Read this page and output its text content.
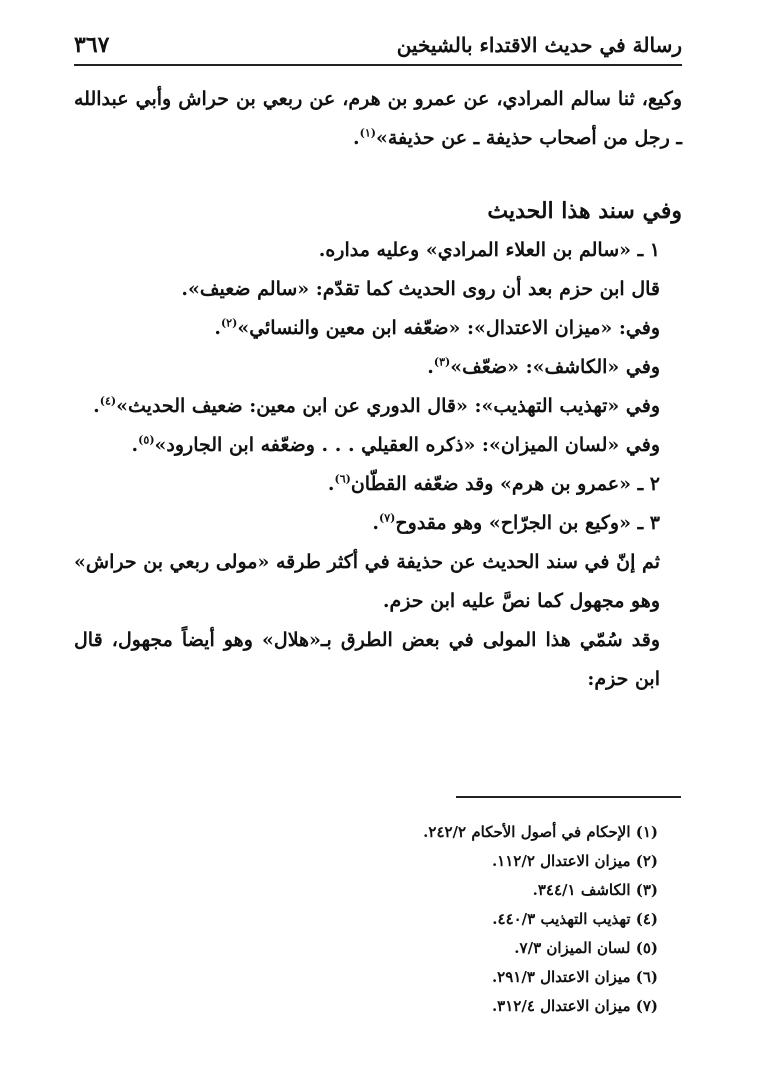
رسالة في حديث الاقتداء بالشيخين
٣٦٧

وكيع، ثنا سالم المرادي، عن عمرو بن هرم، عن ربعي بن حراش وأبي عبدالله ـ رجل من أصحاب حذيفة ـ عن حذيفة»$^{(١)}$.

وفي سند هذا الحديث

١ ـ «سالم بن العلاء المرادي» وعليه مداره.

قال ابن حزم بعد أن روى الحديث كما تقدّم: «سالم ضعيف».

وفي: «ميزان الاعتدال»: «ضعّفه ابن معين والنسائي»$^{(٢)}$.

وفي «الكاشف»: «ضعّف»$^{(٣)}$.

وفي «تهذيب التهذيب»: «قال الدوري عن ابن معين: ضعيف الحديث»$^{(٤)}$.

وفي «لسان الميزان»: «ذكره العقيلي . . . وضعّفه ابن الجارود»$^{(٥)}$.

٢ ـ «عمرو بن هرم» وقد ضعّفه القطّان$^{(٦)}$.

٣ ـ «وكيع بن الجرّاح» وهو مقدوح$^{(٧)}$.

ثم إنّ في سند الحديث عن حذيفة في أكثر طرقه «مولى ربعي بن حراش» وهو مجهول كما نصَّ عليه ابن حزم.

وقد سُمّي هذا المولى في بعض الطرق بـ«هلال» وهو أيضاً مجهول، قال ابن حزم:

(١) الإحكام في أصول الأحكام ٢٤٢/٢.
(٢) ميزان الاعتدال ١١٢/٢.
(٣) الكاشف ٣٤٤/١.
(٤) تهذيب التهذيب ٤٤٠/٣.
(٥) لسان الميزان ٧/٣.
(٦) ميزان الاعتدال ٢٩١/٣.
(٧) ميزان الاعتدال ٣١٢/٤.
